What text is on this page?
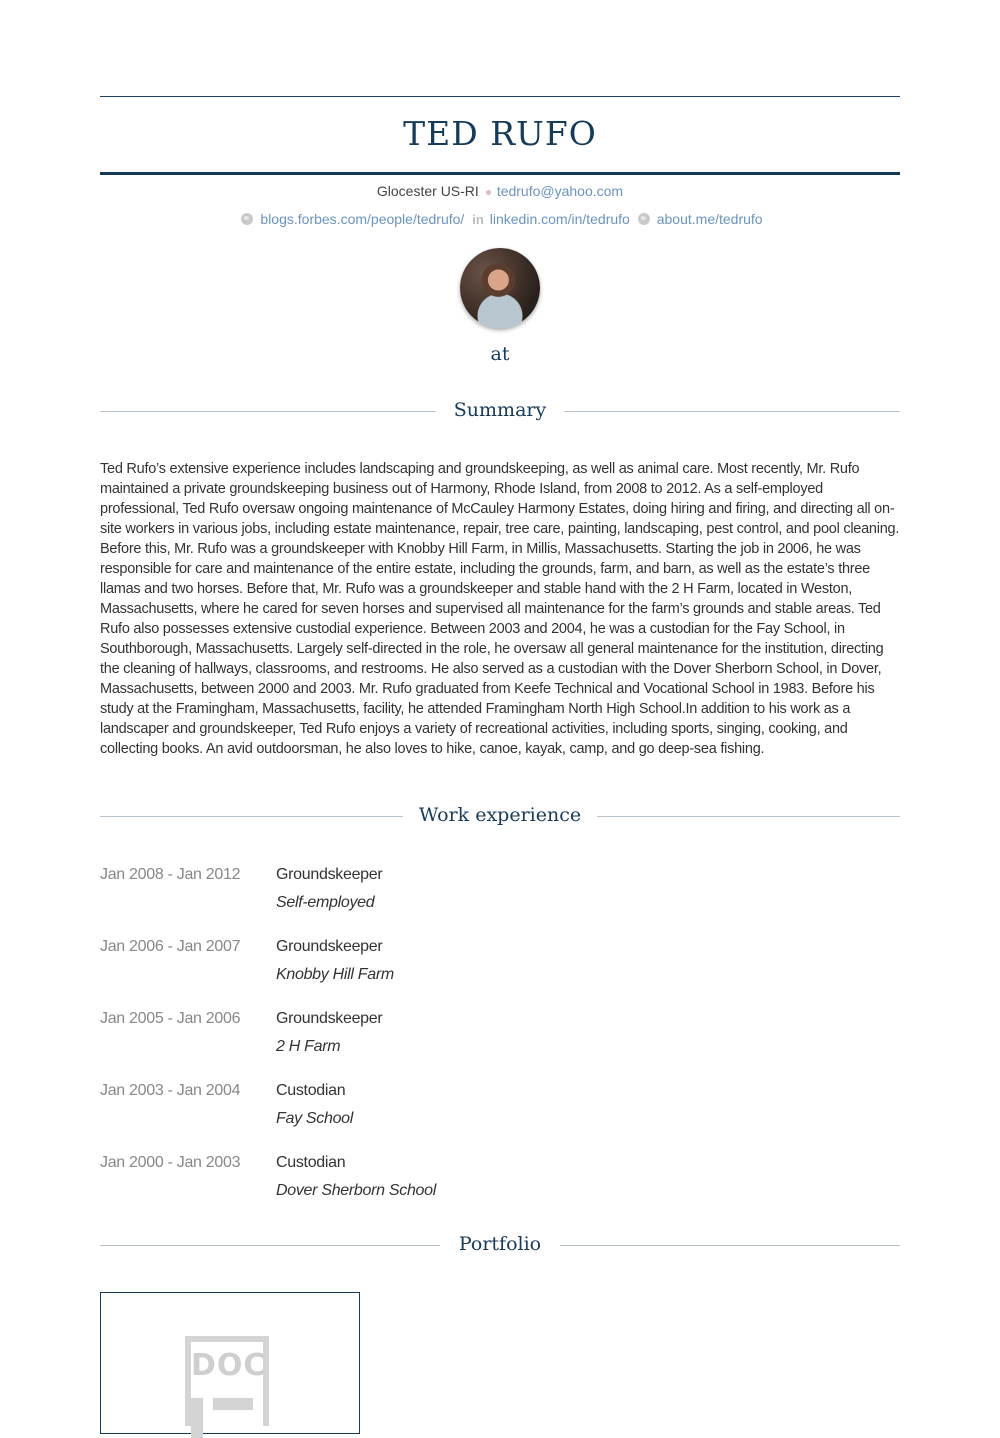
TED RUFO
Glocester US-RI tedrufo@yahoo.com
blogs.forbes.com/people/tedrufo/ in linkedin.com/in/tedrufo about.me/tedrufo
at
Summary

Ted Rufo’s extensive experience includes landscaping and groundskeeping, as well as animal care. Most recently, Mr. Rufo maintained a private groundskeeping business out of Harmony, Rhode Island, from 2008 to 2012. As a self-employed professional, Ted Rufo oversaw ongoing maintenance of McCauley Harmony Estates, doing hiring and firing, and directing all on-site workers in various jobs, including estate maintenance, repair, tree care, painting, landscaping, pest control, and pool cleaning. Before this, Mr. Rufo was a groundskeeper with Knobby Hill Farm, in Millis, Massachusetts. Starting the job in 2006, he was responsible for care and maintenance of the entire estate, including the grounds, farm, and barn, as well as the estate’s three llamas and two horses. Before that, Mr. Rufo was a groundskeeper and stable hand with the 2 H Farm, located in Weston, Massachusetts, where he cared for seven horses and supervised all maintenance for the farm’s grounds and stable areas. Ted Rufo also possesses extensive custodial experience. Between 2003 and 2004, he was a custodian for the Fay School, in Southborough, Massachusetts. Largely self-directed in the role, he oversaw all general maintenance for the institution, directing the cleaning of hallways, classrooms, and restrooms. He also served as a custodian with the Dover Sherborn School, in Dover, Massachusetts, between 2000 and 2003. Mr. Rufo graduated from Keefe Technical and Vocational School in 1983. Before his study at the Framingham, Massachusetts, facility, he attended Framingham North High School.In addition to his work as a landscaper and groundskeeper, Ted Rufo enjoys a variety of recreational activities, including sports, singing, cooking, and collecting books. An avid outdoorsman, he also loves to hike, canoe, kayak, camp, and go deep-sea fishing.

Work experience
Jan 2008 - Jan 2012 Groundskeeper
Self-employed
Jan 2006 - Jan 2007 Groundskeeper
Knobby Hill Farm
Jan 2005 - Jan 2006 Groundskeeper
2 H Farm
Jan 2003 - Jan 2004 Custodian
Fay School
Jan 2000 - Jan 2003 Custodian
Dover Sherborn School
Portfolio
DOC
